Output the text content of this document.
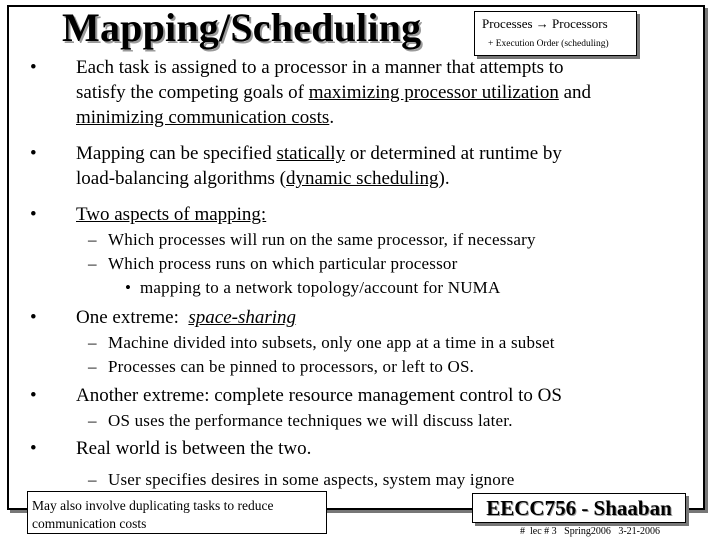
Mapping/Scheduling	Processes → Processors
+ Execution Order (scheduling)
• Each task is assigned to a processor in a manner that attempts to
satisfy the competing goals of maximizing processor utilization and
minimizing communication costs.
• Mapping can be specified statically or determined at runtime by
load-balancing algorithms (dynamic scheduling).
• Two aspects of mapping:
– Which processes will run on the same processor, if necessary
– Which process runs on which particular processor
• mapping to a network topology/account for NUMA
• One extreme:  space-sharing
– Machine divided into subsets, only one app at a time in a subset
– Processes can be pinned to processors, or left to OS.
• Another extreme: complete resource management control to OS
– OS uses the performance techniques we will discuss later.
• Real world is between the two.
– User specifies desires in some aspects, system may ignore
May also involve duplicating tasks to reduce
communication costs
EECC756 - Shaaban
#  lec # 3   Spring2006   3-21-2006
